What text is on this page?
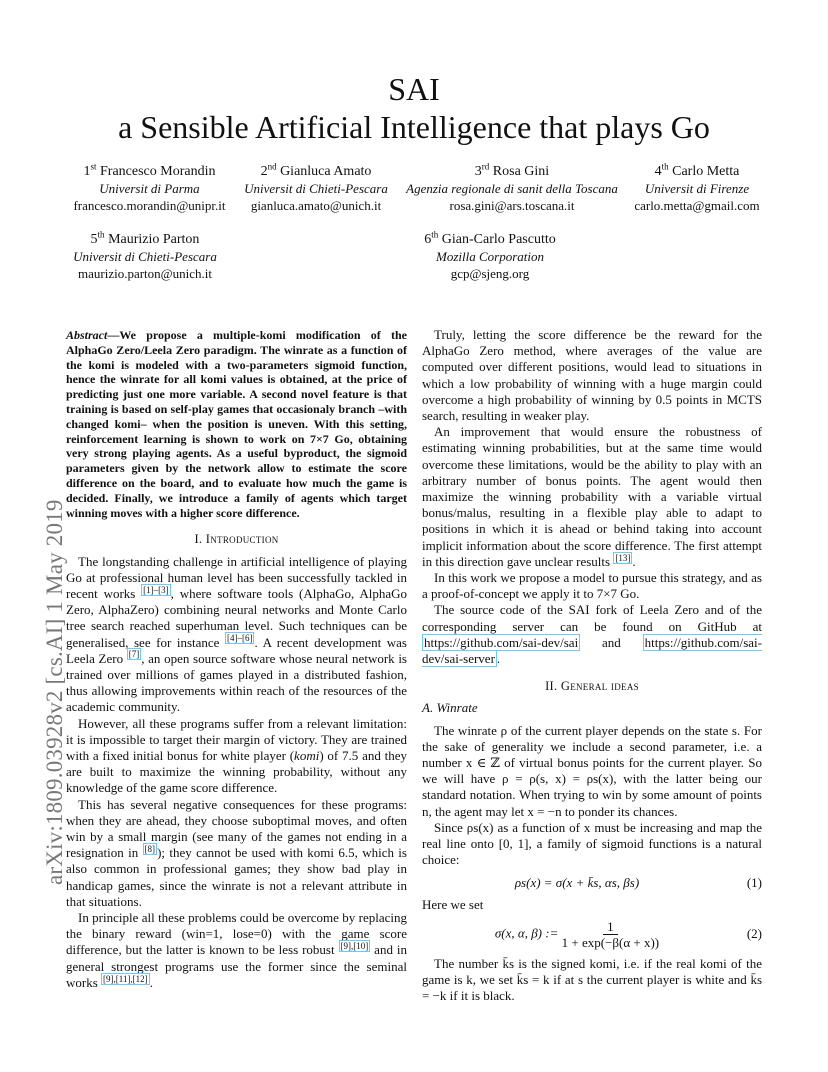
SAI
a Sensible Artificial Intelligence that plays Go
1st Francesco Morandin
Universit di Parma
francesco.morandin@unipr.it
2nd Gianluca Amato
Universit di Chieti-Pescara
gianluca.amato@unich.it
3rd Rosa Gini
Agenzia regionale di sanit della Toscana
rosa.gini@ars.toscana.it
4th Carlo Metta
Universit di Firenze
carlo.metta@gmail.com
5th Maurizio Parton
Universit di Chieti-Pescara
maurizio.parton@unich.it
6th Gian-Carlo Pascutto
Mozilla Corporation
gcp@sjeng.org
arXiv:1809.03928v2 [cs.AI] 1 May 2019
Abstract—We propose a multiple-komi modification of the AlphaGo Zero/Leela Zero paradigm. The winrate as a function of the komi is modeled with a two-parameters sigmoid function, hence the winrate for all komi values is obtained, at the price of predicting just one more variable. A second novel feature is that training is based on self-play games that occasionaly branch –with changed komi– when the position is uneven. With this setting, reinforcement learning is shown to work on 7×7 Go, obtaining very strong playing agents. As a useful byproduct, the sigmoid parameters given by the network allow to estimate the score difference on the board, and to evaluate how much the game is decided. Finally, we introduce a family of agents which target winning moves with a higher score difference.
I. Introduction
The longstanding challenge in artificial intelligence of playing Go at professional human level has been successfully tackled in recent works [1]–[3] , where software tools (AlphaGo, AlphaGo Zero, AlphaZero) combining neural networks and Monte Carlo tree search reached superhuman level. Such techniques can be generalised, see for instance [4]–[6] . A recent development was Leela Zero [7] , an open source software whose neural network is trained over millions of games played in a distributed fashion, thus allowing improvements within reach of the resources of the academic community.
However, all these programs suffer from a relevant limitation: it is impossible to target their margin of victory. They are trained with a fixed initial bonus for white player (komi) of 7.5 and they are built to maximize the winning probability, without any knowledge of the game score difference.
This has several negative consequences for these programs: when they are ahead, they choose suboptimal moves, and often win by a small margin (see many of the games not ending in a resignation in [8] ); they cannot be used with komi 6.5, which is also common in professional games; they show bad play in handicap games, since the winrate is not a relevant attribute in that situations.
In principle all these problems could be overcome by replacing the binary reward (win=1, lose=0) with the game score difference, but the latter is known to be less robust [9],[10] and in general strongest programs use the former since the seminal works [9],[11],[12] .
Truly, letting the score difference be the reward for the AlphaGo Zero method, where averages of the value are computed over different positions, would lead to situations in which a low probability of winning with a huge margin could overcome a high probability of winning by 0.5 points in MCTS search, resulting in weaker play.
An improvement that would ensure the robustness of estimating winning probabilities, but at the same time would overcome these limitations, would be the ability to play with an arbitrary number of bonus points. The agent would then maximize the winning probability with a variable virtual bonus/malus, resulting in a flexible play able to adapt to positions in which it is ahead or behind taking into account implicit information about the score difference. The first attempt in this direction gave unclear results [13] .
In this work we propose a model to pursue this strategy, and as a proof-of-concept we apply it to 7×7 Go.
The source code of the SAI fork of Leela Zero and of the corresponding server can be found on GitHub at https://github.com/sai-dev/sai and https://github.com/sai-dev/sai-server .
II. General ideas
A. Winrate
The winrate ρ of the current player depends on the state s. For the sake of generality we include a second parameter, i.e. a number x ∈ ℤ of virtual bonus points for the current player. So we will have ρ = ρ(s, x) = ρs(x), with the latter being our standard notation. When trying to win by some amount of points n, the agent may let x = −n to ponder its chances.
Since ρs(x) as a function of x must be increasing and map the real line onto [0, 1], a family of sigmoid functions is a natural choice:
ρs(x) = σ(x + k̄s, αs, βs)	(1)
Here we set
σ(x, α, β) := $\frac{1}{1 + \exp(-\beta(\alpha + x))}$	(2)
The number k̄s is the signed komi, i.e. if the real komi of the game is k, we set k̄s = k if at s the current player is white and k̄s = −k if it is black.
